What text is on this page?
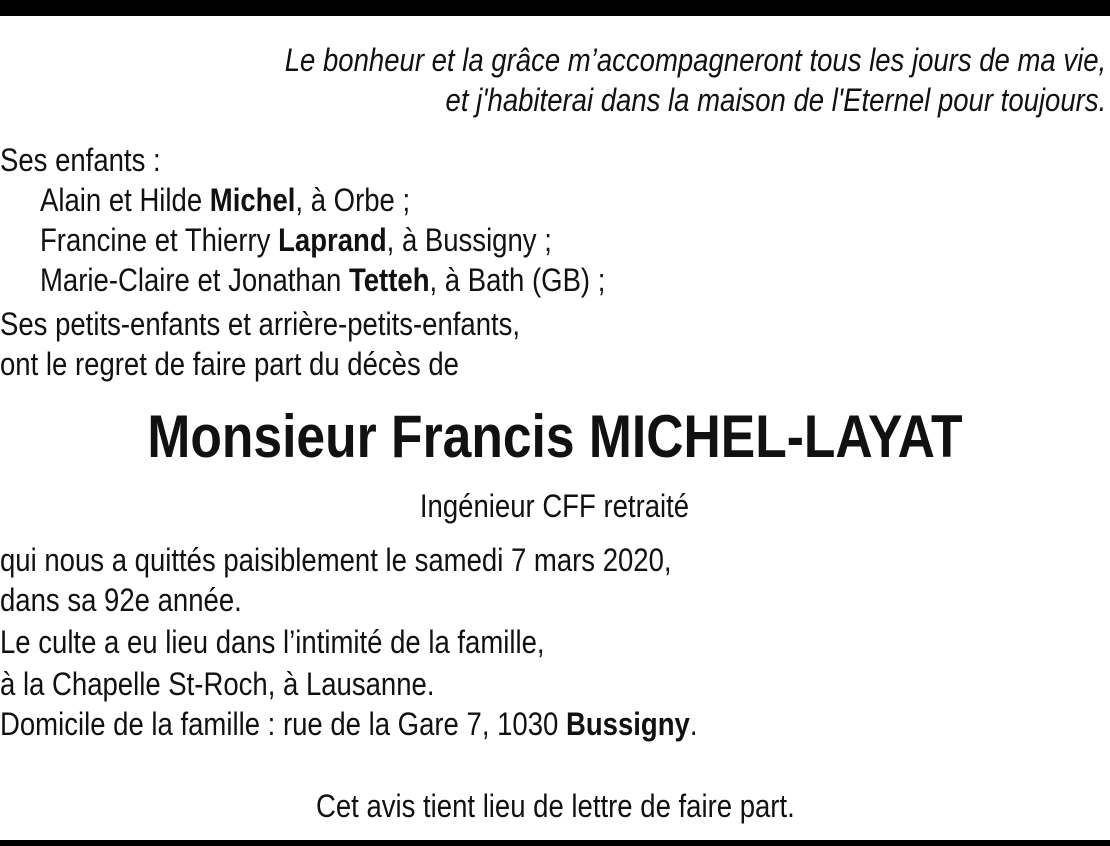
Le bonheur et la grâce m’accompagneront tous les jours de ma vie,
et j'habiterai dans la maison de l'Eternel pour toujours.
Ses enfants :
Alain et Hilde Michel, à Orbe ;
Francine et Thierry Laprand, à Bussigny ;
Marie-Claire et Jonathan Tetteh, à Bath (GB) ;
Ses petits-enfants et arrière-petits-enfants,
ont le regret de faire part du décès de
Monsieur Francis MICHEL-LAYAT
Ingénieur CFF retraité
qui nous a quittés paisiblement le samedi 7 mars 2020,
dans sa 92e année.
Le culte a eu lieu dans l’intimité de la famille,
à la Chapelle St-Roch, à Lausanne.
Domicile de la famille : rue de la Gare 7, 1030 Bussigny.
Cet avis tient lieu de lettre de faire part.
